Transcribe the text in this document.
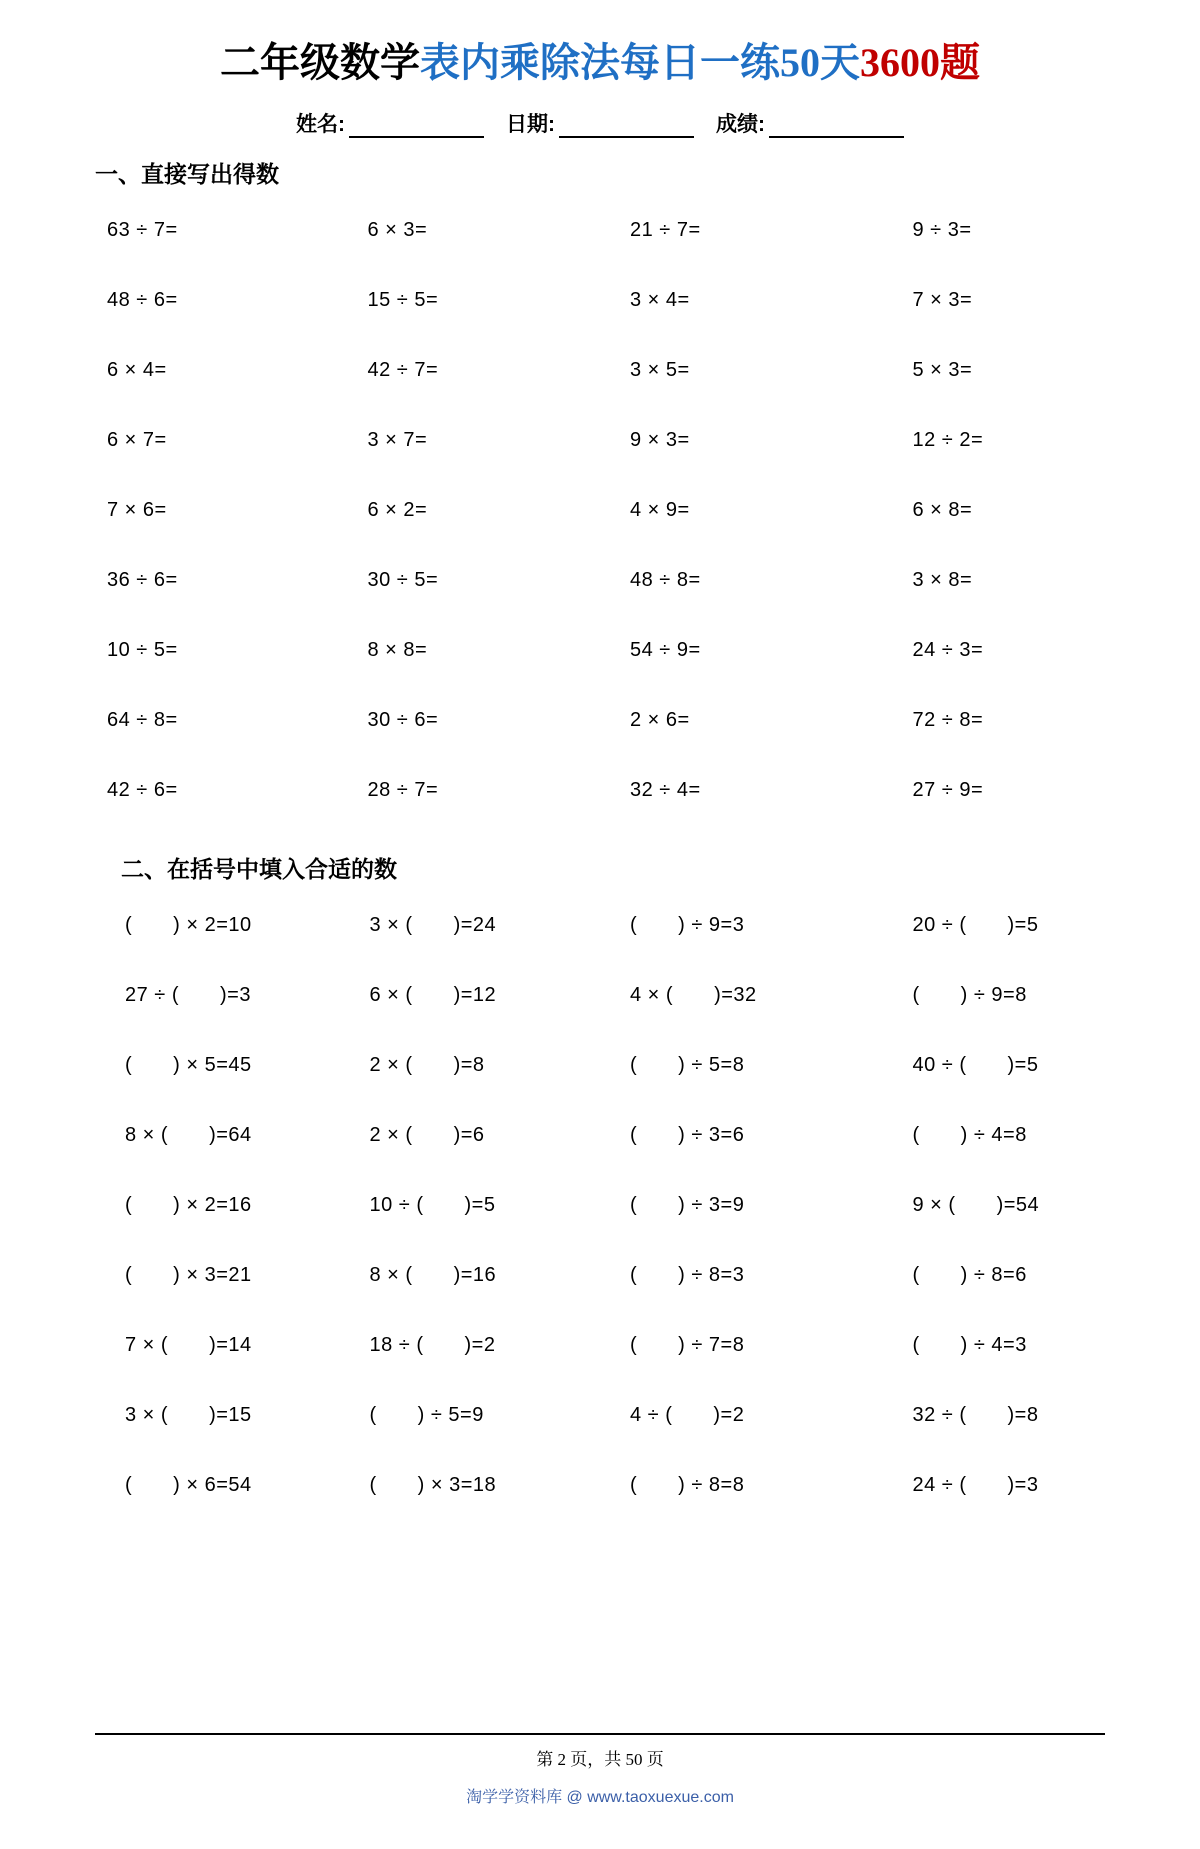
二年级数学表内乘除法每日一练50天3600题
姓名:	日期:	成绩:
一、直接写出得数
63 ÷ 7=	6 × 3=	21 ÷ 7=	9 ÷ 3=
48 ÷ 6=	15 ÷ 5=	3 × 4=	7 × 3=
6 × 4=	42 ÷ 7=	3 × 5=	5 × 3=
6 × 7=	3 × 7=	9 × 3=	12 ÷ 2=
7 × 6=	6 × 2=	4 × 9=	6 × 8=
36 ÷ 6=	30 ÷ 5=	48 ÷ 8=	3 × 8=
10 ÷ 5=	8 × 8=	54 ÷ 9=	24 ÷ 3=
64 ÷ 8=	30 ÷ 6=	2 × 6=	72 ÷ 8=
42 ÷ 6=	28 ÷ 7=	32 ÷ 4=	27 ÷ 9=
二、在括号中填入合适的数
(　　) × 2=10	3 × (　　)=24	(　　) ÷ 9=3	20 ÷ (　　)=5
27 ÷ (　　)=3	6 × (　　)=12	4 × (　　)=32	(　　) ÷ 9=8
(　　) × 5=45	2 × (　　)=8	(　　) ÷ 5=8	40 ÷ (　　)=5
8 × (　　)=64	2 × (　　)=6	(　　) ÷ 3=6	(　　) ÷ 4=8
(　　) × 2=16	10 ÷ (　　)=5	(　　) ÷ 3=9	9 × (　　)=54
(　　) × 3=21	8 × (　　)=16	(　　) ÷ 8=3	(　　) ÷ 8=6
7 × (　　)=14	18 ÷ (　　)=2	(　　) ÷ 7=8	(　　) ÷ 4=3
3 × (　　)=15	(　　) ÷ 5=9	4 ÷ (　　)=2	32 ÷ (　　)=8
(　　) × 6=54	(　　) × 3=18	(　　) ÷ 8=8	24 ÷ (　　)=3
第 2 页，共 50 页
淘学学资料库 @ www.taoxuexue.com
